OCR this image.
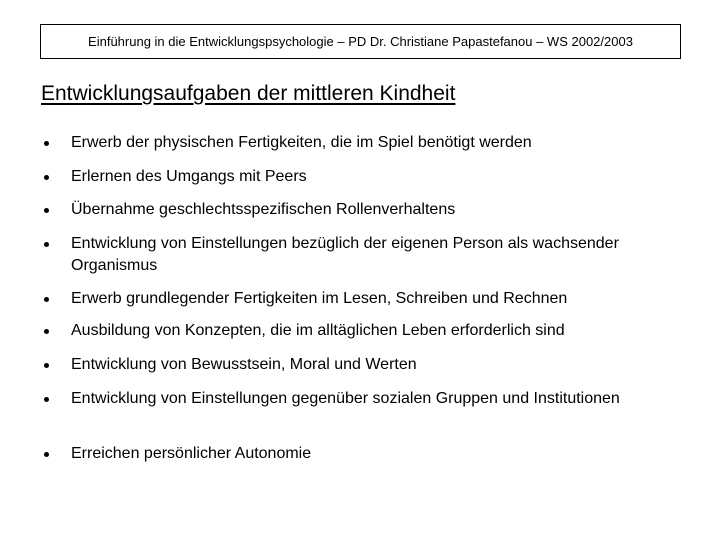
Einführung in die Entwicklungspsychologie – PD Dr. Christiane Papastefanou – WS 2002/2003
Entwicklungsaufgaben der mittleren Kindheit
Erwerb der physischen Fertigkeiten, die im Spiel benötigt werden
Erlernen des Umgangs mit Peers
Übernahme geschlechtsspezifischen Rollenverhaltens
Entwicklung von Einstellungen bezüglich der eigenen Person als wachsender Organismus
Erwerb grundlegender Fertigkeiten im Lesen, Schreiben und Rechnen
Ausbildung von Konzepten, die im alltäglichen Leben erforderlich sind
Entwicklung von Bewusstsein, Moral und Werten
Entwicklung von Einstellungen gegenüber sozialen Gruppen und Institutionen
Erreichen persönlicher Autonomie
